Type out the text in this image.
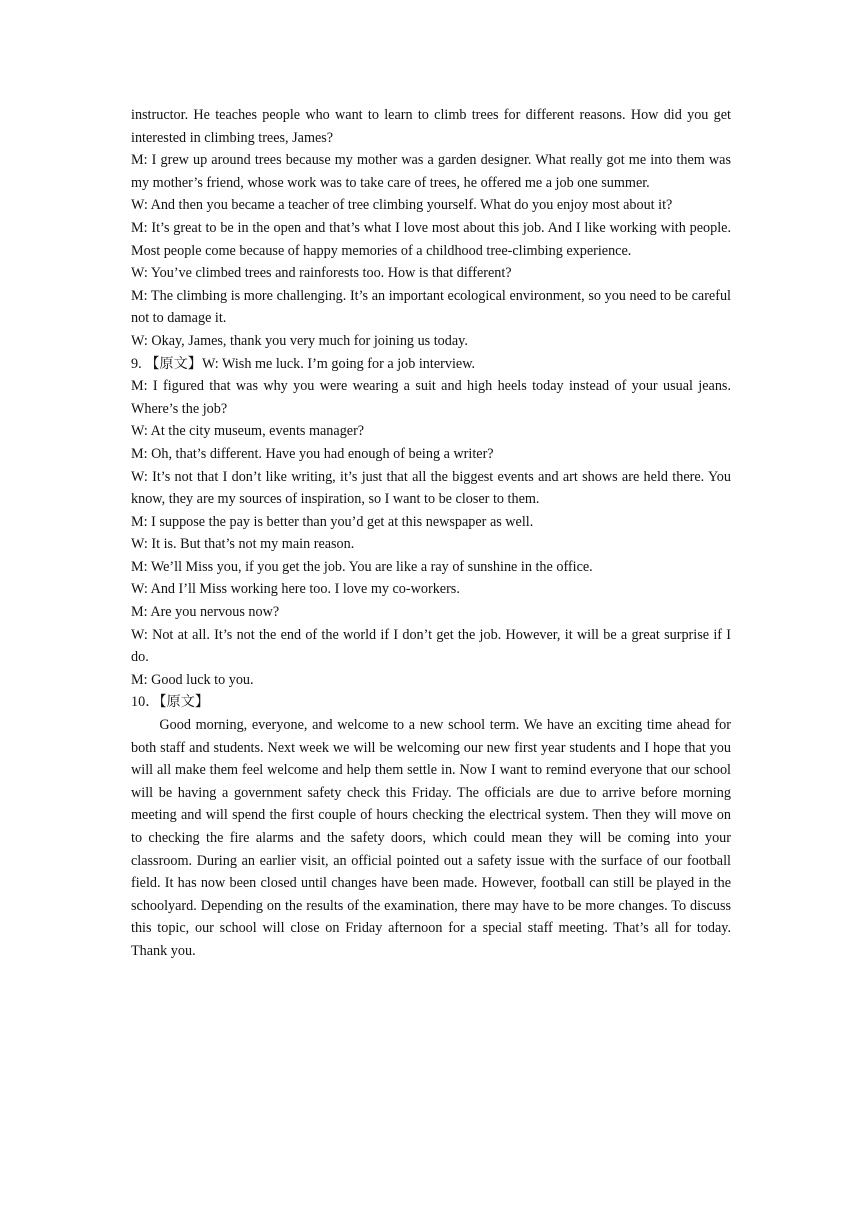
instructor. He teaches people who want to learn to climb trees for different reasons. How did you get interested in climbing trees, James?

M: I grew up around trees because my mother was a garden designer. What really got me into them was my mother’s friend, whose work was to take care of trees, he offered me a job one summer.

W: And then you became a teacher of tree climbing yourself. What do you enjoy most about it?

M: It’s great to be in the open and that’s what I love most about this job. And I like working with people. Most people come because of happy memories of a childhood tree-climbing experience.

W: You’ve climbed trees and rainforests too. How is that different?

M: The climbing is more challenging. It’s an important ecological environment, so you need to be careful not to damage it.

W: Okay, James, thank you very much for joining us today.

9. 【原文】W: Wish me luck. I’m going for a job interview.

M: I figured that was why you were wearing a suit and high heels today instead of your usual jeans. Where’s the job?

W: At the city museum, events manager?

M: Oh, that’s different. Have you had enough of being a writer?

W: It’s not that I don’t like writing, it’s just that all the biggest events and art shows are held there. You know, they are my sources of inspiration, so I want to be closer to them.

M: I suppose the pay is better than you’d get at this newspaper as well.

W: It is. But that’s not my main reason.

M: We’ll Miss you, if you get the job. You are like a ray of sunshine in the office.

W: And I’ll Miss working here too. I love my co-workers.

M: Are you nervous now?

W: Not at all. It’s not the end of the world if I don’t get the job. However, it will be a great surprise if I do.

M: Good luck to you.

10．【原文】

Good morning, everyone, and welcome to a new school term. We have an exciting time ahead for both staff and students. Next week we will be welcoming our new first year students and I hope that you will all make them feel welcome and help them settle in. Now I want to remind everyone that our school will be having a government safety check this Friday. The officials are due to arrive before morning meeting and will spend the first couple of hours checking the electrical system. Then they will move on to checking the fire alarms and the safety doors, which could mean they will be coming into your classroom. During an earlier visit, an official pointed out a safety issue with the surface of our football field. It has now been closed until changes have been made. However, football can still be played in the schoolyard. Depending on the results of the examination, there may have to be more changes. To discuss this topic, our school will close on Friday afternoon for a special staff meeting. That’s all for today. Thank you.
